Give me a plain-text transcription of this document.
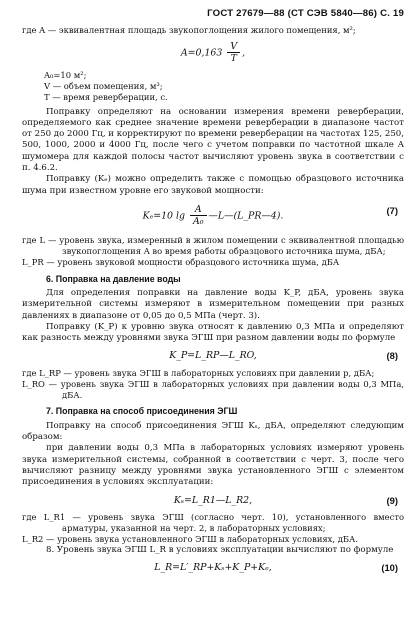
ГОСТ 27679—88 (СТ СЭВ 5840—86) С. 19

где A — эквивалентная площадь звукопоглощения жилого помещения, м²;

$A=0,163 \frac{V}{T}$ ,

A₀=10 м²;

V — объем помещения, м³;

T — время реверберации, с.

Поправку определяют на основании измерения времени реверберации, определяемого как среднее значение времени реверберации в диапазоне частот от 250 до 2000 Гц, и корректируют по времени реверберации на частотах 125, 250, 500, 1000, 2000 и 4000 Гц, после чего с учетом поправки по частотной шкале A шумомера для каждой полосы частот вычисляют уровень звука в соответствии с п. 4.6.2.

Поправку (Kₑ) можно определить также с помощью образцового источника шума при известном уровне его звуковой мощности:

Kₑ=10 $\lg \frac{A}{\text{A₀}}$ —L—(L_PR—4).	(7)

где L — уровень звука, измеренный в жилом помещении с эквивалентной площадью звукопоглощения A во время работы образцового источника шума, дБА;

L_PR — уровень звуковой мощности образцового источника шума, дБА

6. Поправка на давление воды

Для определения поправки на давление воды K_P, дБА, уровень звука измерительной системы измеряют в измерительном помещении при разных давлениях в диапазоне от 0,05 до 0,5 МПа (черт. 3).

Поправку (K_P) к уровню звука относят к давлению 0,3 МПа и определяют как разность между уровнями звука ЭГШ при разном давлении воды по формуле

K_P=L_RP—L_RO,	(8)

где L_RP — уровень звука ЭГШ в лабораторных условиях при давлении p, дБА;

L_RO — уровень звука ЭГШ в лабораторных условиях при давлении воды 0,3 МПа, дБА.

7. Поправка на способ присоединения ЭГШ

Поправку на способ присоединения ЭГШ Kₛ, дБА, определяют следующим образом:

при давлении воды 0,3 МПа в лабораторных условиях измеряют уровень звука измерительной системы, собранной в соответствии с черт. 3, после чего вычисляют разницу между уровнями звука установленного ЭГШ с элементом присоединения в условиях эксплуатации:

Kₛ=L_R1—L_R2,	(9)

где L_R1 — уровень звука ЭГШ (согласно черт. 10), установленного вместо арматуры, указанной на черт. 2, в лабораторных условиях;

L_R2 — уровень звука установленного ЭГШ в лабораторных условиях, дБА.

8. Уровень звука ЭГШ L_R в условиях эксплуатации вычисляют по формуле

L_R=L′_RP+Kₛ+K_P+Kₑ,	(10)
